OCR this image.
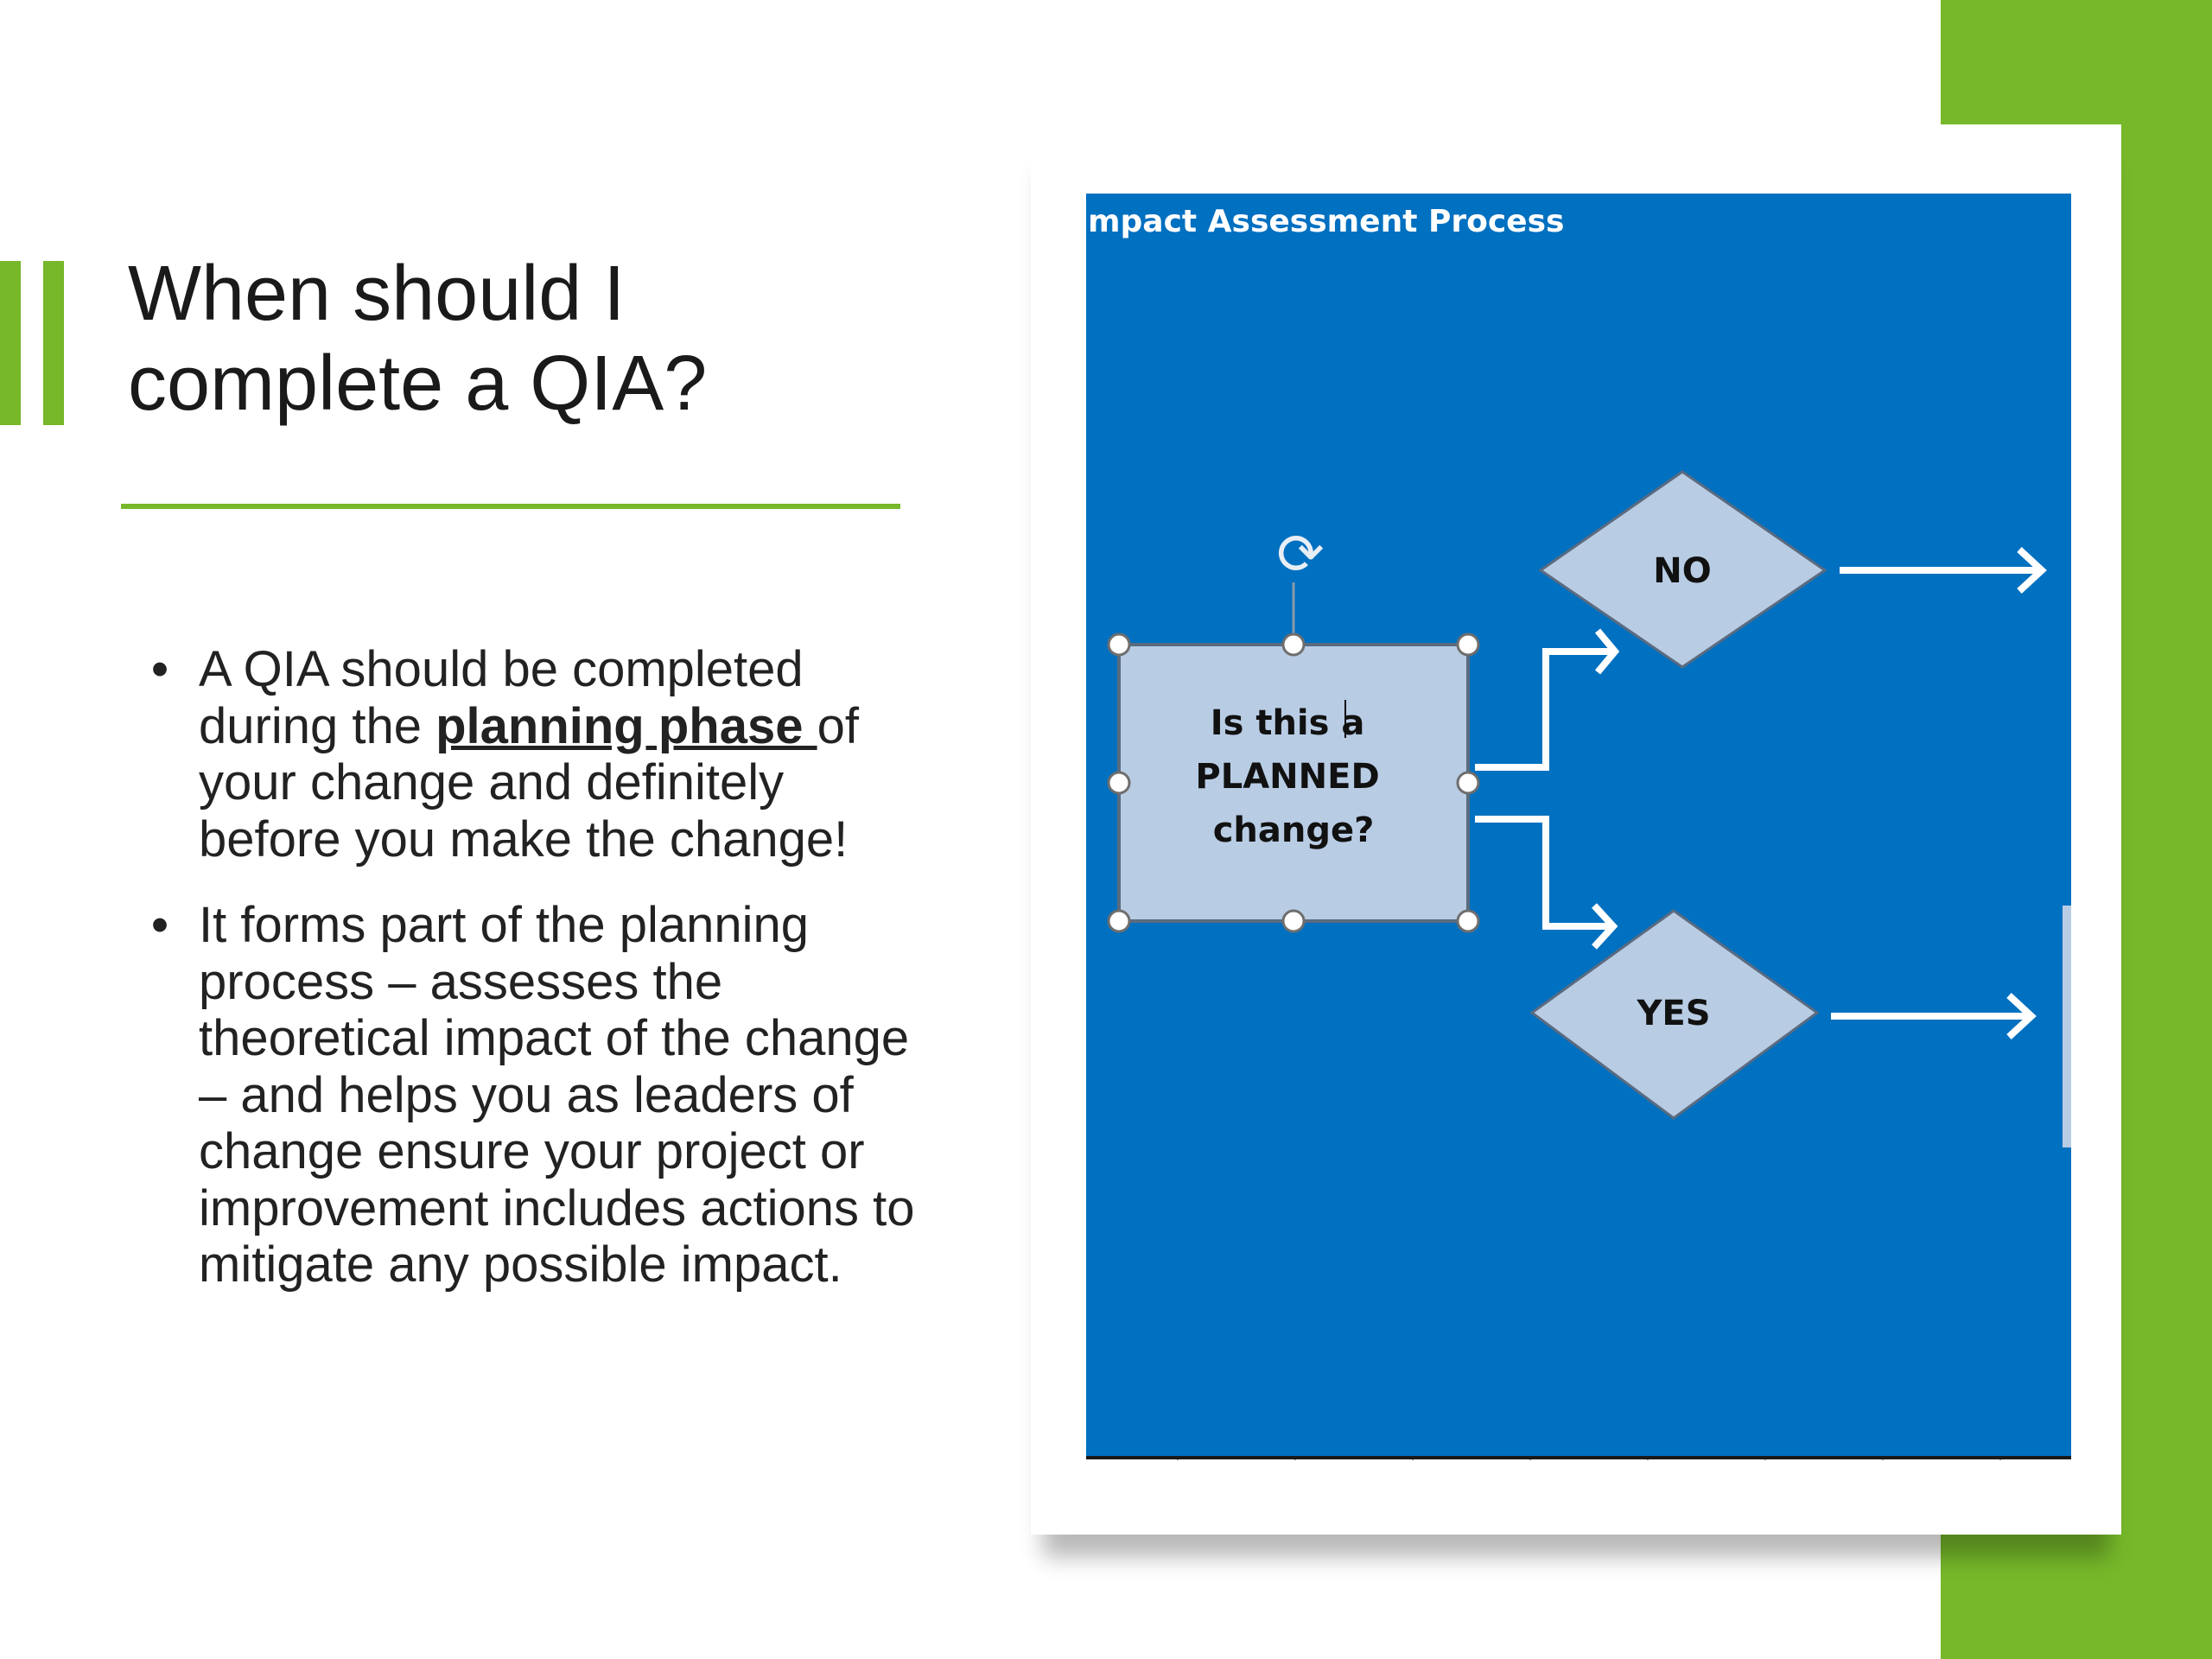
When should I complete a QIA?
• A QIA should be completed during the planning phase of your change and definitely before you make the change!
• It forms part of the planning process – assesses the theoretical impact of the change – and helps you as leaders of change ensure your project or improvement includes actions to mitigate any possible impact.
mpact Assessment Process
NO
YES
⟳
Is this a PLANNED change?
